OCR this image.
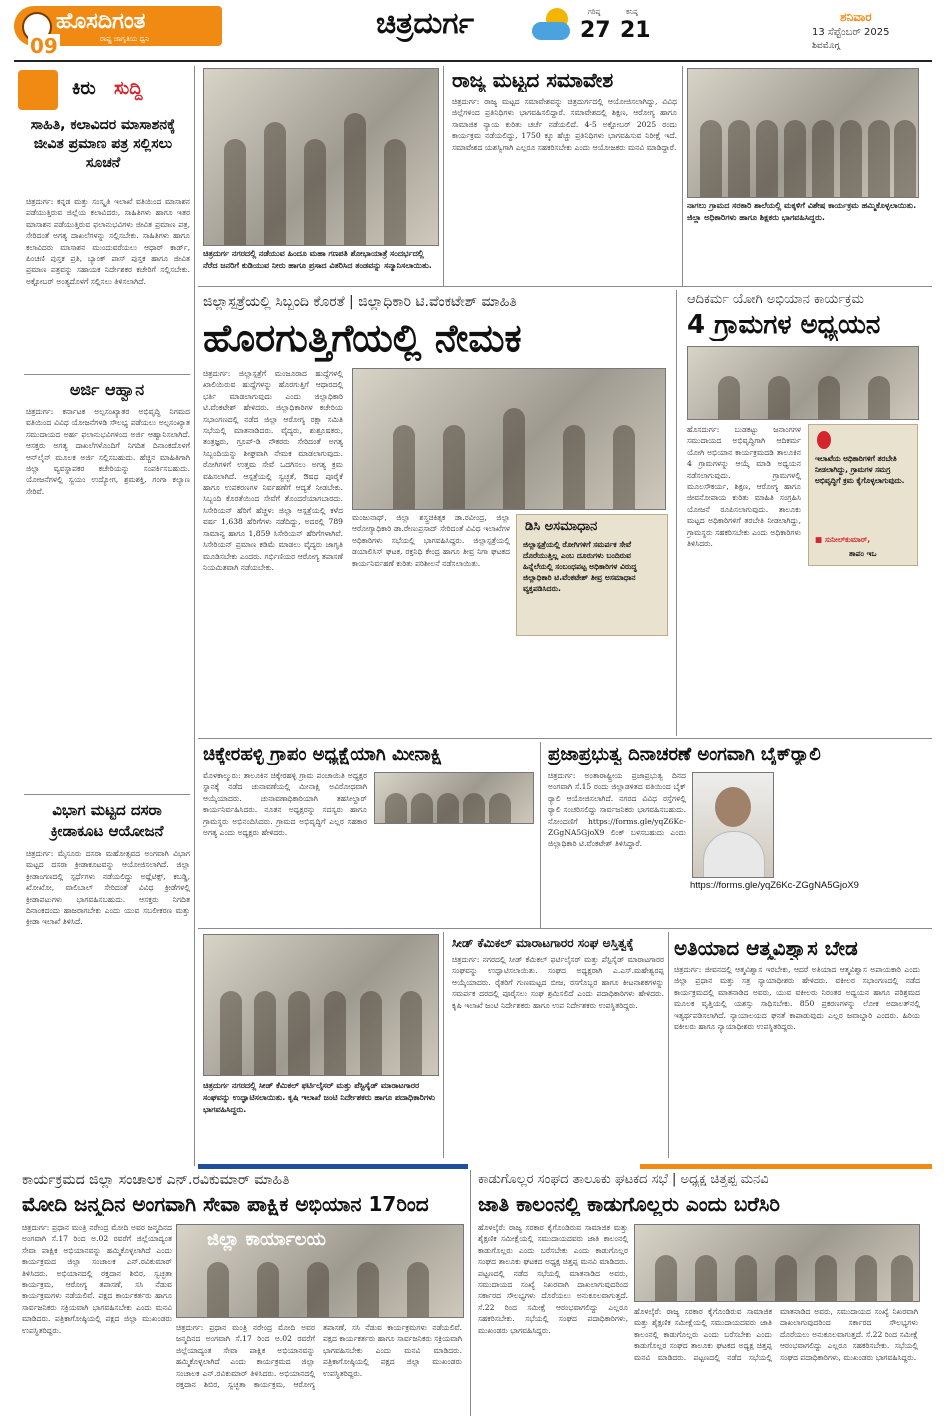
ಹೊಸದಿಗಂತ
ರಾಷ್ಟ್ರ ಜಾಗೃತಿಯ ಧ್ವನಿ
09
ಚಿತ್ರದುರ್ಗ	ಗರಿಷ್ಠ
27
ಕನಿಷ್ಠ
21
ಶನಿವಾರ
13 ಸೆಪ್ಟೆಂಬರ್ 2025
ಶಿವಮೊಗ್ಗ
ಕಿರು ಸುದ್ದಿ
ಸಾಹಿತಿ, ಕಲಾವಿದರ ಮಾಸಾಶನಕ್ಕೆ ಜೀವಿತ ಪ್ರಮಾಣ ಪತ್ರ ಸಲ್ಲಿಸಲು ಸೂಚನೆ
ಚಿತ್ರದುರ್ಗ: ಕನ್ನಡ ಮತ್ತು ಸಂಸ್ಕೃತಿ ಇಲಾಖೆ ವತಿಯಿಂದ ಮಾಸಾಶನ ಪಡೆಯುತ್ತಿರುವ ಜಿಲ್ಲೆಯ ಕಲಾವಿದರು, ಸಾಹಿತಿಗಳು ಹಾಗೂ ಇತರ ಮಾಸಾಶನ ಪಡೆಯುತ್ತಿರುವ ಫಲಾನುಭವಿಗಳು ಜೀವಿತ ಪ್ರಮಾಣ ಪತ್ರ, ಸೇರಿದಂತೆ ಅಗತ್ಯ ದಾಖಲೆಗಳನ್ನು ಸಲ್ಲಿಸಬೇಕು. ಸಾಹಿತಿಗಳು ಹಾಗೂ ಕಲಾವಿದರು ಮಾಸಾಶನ ಮುಂದುವರೆಯಲು ಆಧಾರ್ ಕಾರ್ಡ್, ಪಿಂಚಣಿ ಪುಸ್ತಕ ಪ್ರತಿ, ಬ್ಯಾಂಕ್ ಪಾಸ್ ಪುಸ್ತಕ ಹಾಗೂ ಜೀವಿತ ಪ್ರಮಾಣ ಪತ್ರವನ್ನು ಸಹಾಯಕ ನಿರ್ದೇಶಕರ ಕಚೇರಿಗೆ ಸಲ್ಲಿಸಬೇಕು. ಅಕ್ಟೋಬರ್ ಅಂತ್ಯದೊಳಗೆ ಸಲ್ಲಿಸಲು ತಿಳಿಸಲಾಗಿದೆ.
ಅರ್ಜಿ ಆಹ್ವಾನ
ಚಿತ್ರದುರ್ಗ: ಕರ್ನಾಟಕ ಅಲ್ಪಸಂಖ್ಯಾತರ ಅಭಿವೃದ್ಧಿ ನಿಗಮದ ವತಿಯಿಂದ ವಿವಿಧ ಯೋಜನೆಗಳಡಿ ಸೌಲಭ್ಯ ಪಡೆಯಲು ಅಲ್ಪಸಂಖ್ಯಾತ ಸಮುದಾಯದ ಅರ್ಹ ಫಲಾನುಭವಿಗಳಿಂದ ಅರ್ಜಿ ಆಹ್ವಾನಿಸಲಾಗಿದೆ. ಆಸಕ್ತರು ಅಗತ್ಯ ದಾಖಲೆಗಳೊಂದಿಗೆ ನಿಗದಿತ ದಿನಾಂಕದೊಳಗೆ ಆನ್‌ಲೈನ್ ಮೂಲಕ ಅರ್ಜಿ ಸಲ್ಲಿಸಬಹುದು. ಹೆಚ್ಚಿನ ಮಾಹಿತಿಗಾಗಿ ಜಿಲ್ಲಾ ವ್ಯವಸ್ಥಾಪಕರ ಕಚೇರಿಯನ್ನು ಸಂಪರ್ಕಿಸಬಹುದು. ಯೋಜನೆಗಳಲ್ಲಿ ಸ್ವಯಂ ಉದ್ಯೋಗ, ಶ್ರಮಶಕ್ತಿ, ಗಂಗಾ ಕಲ್ಯಾಣ ಸೇರಿವೆ.
ವಿಭಾಗ ಮಟ್ಟದ ದಸರಾ ಕ್ರೀಡಾಕೂಟ ಆಯೋಜನೆ
ಚಿತ್ರದುರ್ಗ: ಮೈಸೂರು ದಸರಾ ಮಹೋತ್ಸವದ ಅಂಗವಾಗಿ ವಿಭಾಗ ಮಟ್ಟದ ದಸರಾ ಕ್ರೀಡಾಕೂಟವನ್ನು ಆಯೋಜಿಸಲಾಗಿದೆ. ಜಿಲ್ಲಾ ಕ್ರೀಡಾಂಗಣದಲ್ಲಿ ಸ್ಪರ್ಧೆಗಳು ನಡೆಯಲಿದ್ದು ಅಥ್ಲೆಟಿಕ್ಸ್, ಕಬಡ್ಡಿ, ಖೋಖೋ, ವಾಲಿಬಾಲ್ ಸೇರಿದಂತೆ ವಿವಿಧ ಕ್ರೀಡೆಗಳಲ್ಲಿ ಕ್ರೀಡಾಪಟುಗಳು ಭಾಗವಹಿಸಬಹುದು. ಆಸಕ್ತರು ನಿಗದಿತ ದಿನಾಂಕದಂದು ಹಾಜರಾಗಬೇಕು ಎಂದು ಯುವ ಸಬಲೀಕರಣ ಮತ್ತು ಕ್ರೀಡಾ ಇಲಾಖೆ ತಿಳಿಸಿದೆ.
ಚಿತ್ರದುರ್ಗ ನಗರದಲ್ಲಿ ನಡೆಯುವ ಹಿಂದೂ ಮಹಾ ಗಣಪತಿ ಶೋಭಾಯಾತ್ರೆ ಸಂದರ್ಭದಲ್ಲಿ ನೆರೆದ ಜನರಿಗೆ ಕುಡಿಯುವ ನೀರು ಹಾಗೂ ಪ್ರಸಾದ ವಿತರಿಸಿದ ತಂಡವನ್ನು ಸನ್ಮಾನಿಸಲಾಯಿತು.
ರಾಜ್ಯ ಮಟ್ಟದ ಸಮಾವೇಶ
ಚಿತ್ರದುರ್ಗ: ರಾಜ್ಯ ಮಟ್ಟದ ಸಮಾವೇಶವನ್ನು ಚಿತ್ರದುರ್ಗದಲ್ಲಿ ಆಯೋಜಿಸಲಾಗಿದ್ದು, ವಿವಿಧ ಜಿಲ್ಲೆಗಳಿಂದ ಪ್ರತಿನಿಧಿಗಳು ಭಾಗವಹಿಸಲಿದ್ದಾರೆ. ಸಮಾವೇಶದಲ್ಲಿ ಶಿಕ್ಷಣ, ಆರೋಗ್ಯ ಹಾಗೂ ಸಾಮಾಜಿಕ ನ್ಯಾಯ ಕುರಿತು ಚರ್ಚೆ ನಡೆಯಲಿದೆ. 4-5 ಅಕ್ಟೋಬರ್ 2025 ರಂದು ಕಾರ್ಯಕ್ರಮ ನಡೆಯಲಿದ್ದು, 1750 ಕ್ಕೂ ಹೆಚ್ಚು ಪ್ರತಿನಿಧಿಗಳು ಭಾಗವಹಿಸುವ ನಿರೀಕ್ಷೆ ಇದೆ. ಸಮಾವೇಶದ ಯಶಸ್ವಿಗಾಗಿ ಎಲ್ಲರೂ ಸಹಕರಿಸಬೇಕು ಎಂದು ಆಯೋಜಕರು ಮನವಿ ಮಾಡಿದ್ದಾರೆ.
ನಾಗಲು ಗ್ರಾಮದ ಸರಕಾರಿ ಶಾಲೆಯಲ್ಲಿ ಮಕ್ಕಳಿಗೆ ವಿಶೇಷ ಕಾರ್ಯಕ್ರಮ ಹಮ್ಮಿಕೊಳ್ಳಲಾಯಿತು. ಜಿಲ್ಲಾ ಅಧಿಕಾರಿಗಳು ಹಾಗೂ ಶಿಕ್ಷಕರು ಭಾಗವಹಿಸಿದ್ದರು.
ಜಿಲ್ಲಾಸ್ಪತ್ರೆಯಲ್ಲಿ ಸಿಬ್ಬಂದಿ ಕೊರತೆ | ಜಿಲ್ಲಾಧಿಕಾರಿ ಟಿ.ವೆಂಕಟೇಶ್ ಮಾಹಿತಿ
ಹೊರಗುತ್ತಿಗೆಯಲ್ಲಿ ನೇಮಕ
ಚಿತ್ರದುರ್ಗ: ಜಿಲ್ಲಾಸ್ಪತ್ರೆಗೆ ಮಂಜೂರಾದ ಹುದ್ದೆಗಳಲ್ಲಿ ಖಾಲಿಯಿರುವ ಹುದ್ದೆಗಳನ್ನು ಹೊರಗುತ್ತಿಗೆ ಆಧಾರದಲ್ಲಿ ಭರ್ತಿ ಮಾಡಲಾಗುವುದು ಎಂದು ಜಿಲ್ಲಾಧಿಕಾರಿ ಟಿ.ವೆಂಕಟೇಶ್ ಹೇಳಿದರು. ಜಿಲ್ಲಾಧಿಕಾರಿಗಳ ಕಚೇರಿಯ ಸಭಾಂಗಣದಲ್ಲಿ ನಡೆದ ಜಿಲ್ಲಾ ಆರೋಗ್ಯ ರಕ್ಷಾ ಸಮಿತಿ ಸಭೆಯಲ್ಲಿ ಮಾತನಾಡಿದರು. ವೈದ್ಯರು, ಶುಶ್ರೂಷಕರು, ತಂತ್ರಜ್ಞರು, ಗ್ರೂಪ್-ಡಿ ನೌಕರರು ಸೇರಿದಂತೆ ಅಗತ್ಯ ಸಿಬ್ಬಂದಿಯನ್ನು ಶೀಘ್ರವಾಗಿ ನೇಮಕ ಮಾಡಲಾಗುವುದು. ರೋಗಿಗಳಿಗೆ ಉತ್ತಮ ಸೇವೆ ಒದಗಿಸಲು ಅಗತ್ಯ ಕ್ರಮ ವಹಿಸಲಾಗಿದೆ. ಆಸ್ಪತ್ರೆಯಲ್ಲಿ ಸ್ವಚ್ಛತೆ, ಔಷಧ ಪೂರೈಕೆ ಹಾಗೂ ಉಪಕರಣಗಳ ನಿರ್ವಹಣೆಗೆ ಆದ್ಯತೆ ನೀಡಬೇಕು. ಸಿಬ್ಬಂದಿ ಕೊರತೆಯಿಂದ ಸೇವೆಗೆ ತೊಂದರೆಯಾಗಬಾರದು. ಸಿಸೇರಿಯನ್ ಹೆರಿಗೆ ಹೆಚ್ಚಳ: ಜಿಲ್ಲಾ ಆಸ್ಪತ್ರೆಯಲ್ಲಿ ಕಳೆದ ವರ್ಷ 1,638 ಹೆರಿಗೆಗಳು ನಡೆದಿದ್ದು, ಅದರಲ್ಲಿ 789 ಸಾಮಾನ್ಯ ಹಾಗೂ 1,859 ಸಿಸೇರಿಯನ್ ಹೆರಿಗೆಗಳಾಗಿವೆ. ಸಿಸೇರಿಯನ್ ಪ್ರಮಾಣ ಕಡಿಮೆ ಮಾಡಲು ವೈದ್ಯರು ಜಾಗೃತಿ ಮೂಡಿಸಬೇಕು ಎಂದರು. ಗರ್ಭಿಣಿಯರ ಆರೋಗ್ಯ ತಪಾಸಣೆ ನಿಯಮಿತವಾಗಿ ನಡೆಯಬೇಕು.
ಮಂಜುನಾಥ್, ಜಿಲ್ಲಾ ಶಸ್ತ್ರಚಿಕಿತ್ಸಕ ಡಾ.ರವೀಂದ್ರ, ಜಿಲ್ಲಾ ಆರೋಗ್ಯಾಧಿಕಾರಿ ಡಾ.ರೇಣುಪ್ರಸಾದ್ ಸೇರಿದಂತೆ ವಿವಿಧ ಇಲಾಖೆಗಳ ಅಧಿಕಾರಿಗಳು ಸಭೆಯಲ್ಲಿ ಭಾಗವಹಿಸಿದ್ದರು. ಜಿಲ್ಲಾಸ್ಪತ್ರೆಯಲ್ಲಿ ಡಯಾಲಿಸಿಸ್ ಘಟಕ, ರಕ್ತನಿಧಿ ಕೇಂದ್ರ ಹಾಗೂ ತೀವ್ರ ನಿಗಾ ಘಟಕದ ಕಾರ್ಯನಿರ್ವಹಣೆ ಕುರಿತು ಪರಿಶೀಲನೆ ನಡೆಸಲಾಯಿತು.
ಡಿಸಿ ಅಸಮಾಧಾನ
ಜಿಲ್ಲಾಸ್ಪತ್ರೆಯಲ್ಲಿ ರೋಗಿಗಳಿಗೆ ಸಮರ್ಪಕ ಸೇವೆ ದೊರೆಯುತ್ತಿಲ್ಲ ಎಂಬ ದೂರುಗಳು ಬಂದಿರುವ ಹಿನ್ನೆಲೆಯಲ್ಲಿ ಸಂಬಂಧಪಟ್ಟ ಅಧಿಕಾರಿಗಳ ವಿರುದ್ಧ ಜಿಲ್ಲಾಧಿಕಾರಿ ಟಿ.ವೆಂಕಟೇಶ್ ತೀವ್ರ ಅಸಮಾಧಾನ ವ್ಯಕ್ತಪಡಿಸಿದರು.
ಆದಿಕರ್ಮ ಯೋಗಿ ಅಭಿಯಾನ ಕಾರ್ಯಕ್ರಮ
4 ಗ್ರಾಮಗಳ ಅಧ್ಯಯನ
ಹೊಸದುರ್ಗ: ಬುಡಕಟ್ಟು ಜನಾಂಗಗಳ ಸಮುದಾಯದ ಅಭಿವೃದ್ಧಿಗಾಗಿ ಆದಿಕರ್ಮ ಯೋಗಿ ಅಭಿಯಾನ ಕಾರ್ಯಕ್ರಮದಡಿ ತಾಲೂಕಿನ 4 ಗ್ರಾಮಗಳನ್ನು ಆಯ್ಕೆ ಮಾಡಿ ಅಧ್ಯಯನ ನಡೆಸಲಾಗುವುದು. ಗ್ರಾಮಗಳಲ್ಲಿ ಮೂಲಸೌಕರ್ಯ, ಶಿಕ್ಷಣ, ಆರೋಗ್ಯ ಹಾಗೂ ಜೀವನೋಪಾಯ ಕುರಿತು ಮಾಹಿತಿ ಸಂಗ್ರಹಿಸಿ ಯೋಜನೆ ರೂಪಿಸಲಾಗುವುದು. ತಾಲೂಕು ಮಟ್ಟದ ಅಧಿಕಾರಿಗಳಿಗೆ ತರಬೇತಿ ನೀಡಲಾಗಿದ್ದು, ಗ್ರಾಮಸ್ಥರು ಸಹಕರಿಸಬೇಕು ಎಂದು ಅಧಿಕಾರಿಗಳು ತಿಳಿಸಿದರು.
ಇಲಾಖೆಯ ಅಧಿಕಾರಿಗಳಿಗೆ ತರಬೇತಿ ನೀಡಲಾಗಿದ್ದು, ಗ್ರಾಮಗಳ ಸಮಗ್ರ ಅಭಿವೃದ್ಧಿಗೆ ಕ್ರಮ ಕೈಗೊಳ್ಳಲಾಗುವುದು.
■ ಸುನೀಲ್‌ಕುಮಾರ್,
ತಾಪಂ ಇಒ
ಚಿಕ್ಕೇರಹಳ್ಳಿ ಗ್ರಾಪಂ ಅಧ್ಯಕ್ಷೆಯಾಗಿ ಮೀನಾಕ್ಷಿ
ಮೊಳಕಾಲ್ಮುರು: ತಾಲೂಕಿನ ಚಿಕ್ಕೇರಹಳ್ಳಿ ಗ್ರಾಮ ಪಂಚಾಯಿತಿ ಅಧ್ಯಕ್ಷರ ಸ್ಥಾನಕ್ಕೆ ನಡೆದ ಚುನಾವಣೆಯಲ್ಲಿ ಮೀನಾಕ್ಷಿ ಅವಿರೋಧವಾಗಿ ಆಯ್ಕೆಯಾದರು. ಚುನಾವಣಾಧಿಕಾರಿಯಾಗಿ ತಹಸೀಲ್ದಾರ್ ಕಾರ್ಯನಿರ್ವಹಿಸಿದರು. ನೂತನ ಅಧ್ಯಕ್ಷರನ್ನು ಸದಸ್ಯರು ಹಾಗೂ ಗ್ರಾಮಸ್ಥರು ಅಭಿನಂದಿಸಿದರು. ಗ್ರಾಮದ ಅಭಿವೃದ್ಧಿಗೆ ಎಲ್ಲರ ಸಹಕಾರ ಅಗತ್ಯ ಎಂದು ಅಧ್ಯಕ್ಷರು ಹೇಳಿದರು.
ಪ್ರಜಾಪ್ರಭುತ್ವ ದಿನಾಚರಣೆ ಅಂಗವಾಗಿ ಬೈಕ್‌ರ್‍ಯಾಲಿ
ಚಿತ್ರದುರ್ಗ: ಅಂತಾರಾಷ್ಟ್ರೀಯ ಪ್ರಜಾಪ್ರಭುತ್ವ ದಿನದ ಅಂಗವಾಗಿ ಸೆ.15 ರಂದು ಜಿಲ್ಲಾಡಳಿತದ ವತಿಯಿಂದ ಬೈಕ್ ರ್‍ಯಾಲಿ ಆಯೋಜಿಸಲಾಗಿದೆ. ನಗರದ ವಿವಿಧ ರಸ್ತೆಗಳಲ್ಲಿ ರ್‍ಯಾಲಿ ಸಂಚರಿಸಲಿದ್ದು ಸಾರ್ವಜನಿಕರು ಭಾಗವಹಿಸಬಹುದು. ನೋಂದಣಿಗೆ https://forms.gle/yqZ6Kc-ZGgNA5GjoX9 ಲಿಂಕ್ ಬಳಸಬಹುದು ಎಂದು ಜಿಲ್ಲಾಧಿಕಾರಿ ಟಿ.ವೆಂಕಟೇಶ್ ತಿಳಿಸಿದ್ದಾರೆ.
https://forms.gle/yqZ6Kc-ZGgNA5GjoX9
ಚಿತ್ರದುರ್ಗ ನಗರದಲ್ಲಿ ಸೀಡ್ ಕೆಮಿಕಲ್ ಫರ್ಟಿಲೈಸರ್ ಮತ್ತು ಪೆಸ್ಟಿಸೈಡ್ ಮಾರಾಟಗಾರರ ಸಂಘವನ್ನು ಉದ್ಘಾಟಿಸಲಾಯಿತು. ಕೃಷಿ ಇಲಾಖೆ ಜಂಟಿ ನಿರ್ದೇಶಕರು ಹಾಗೂ ಪದಾಧಿಕಾರಿಗಳು ಭಾಗವಹಿಸಿದ್ದರು.
ಸೀಡ್ ಕೆಮಿಕಲ್ ಮಾರಾಟಗಾರರ ಸಂಘ ಅಸ್ತಿತ್ವಕ್ಕೆ
ಚಿತ್ರದುರ್ಗ: ನಗರದಲ್ಲಿ ಸೀಡ್ ಕೆಮಿಕಲ್ ಫರ್ಟಿಲೈಸರ್ ಮತ್ತು ಪೆಸ್ಟಿಸೈಡ್ ಮಾರಾಟಗಾರರ ಸಂಘವನ್ನು ಉದ್ಘಾಟಿಸಲಾಯಿತು. ಸಂಘದ ಅಧ್ಯಕ್ಷರಾಗಿ ಎ.ಎಸ್.ಮಹೇಶ್ವರಪ್ಪ ಆಯ್ಕೆಯಾದರು. ರೈತರಿಗೆ ಗುಣಮಟ್ಟದ ಬೀಜ, ರಸಗೊಬ್ಬರ ಹಾಗೂ ಕೀಟನಾಶಕಗಳನ್ನು ಸಮರ್ಪಕ ದರದಲ್ಲಿ ಪೂರೈಸಲು ಸಂಘ ಶ್ರಮಿಸಲಿದೆ ಎಂದು ಪದಾಧಿಕಾರಿಗಳು ಹೇಳಿದರು. ಕೃಷಿ ಇಲಾಖೆ ಜಂಟಿ ನಿರ್ದೇಶಕರು ಹಾಗೂ ಉಪ ನಿರ್ದೇಶಕರು ಉಪಸ್ಥಿತರಿದ್ದರು.
ಅತಿಯಾದ ಆತ್ಮವಿಶ್ವಾಸ ಬೇಡ
ಚಿತ್ರದುರ್ಗ: ಜೀವನದಲ್ಲಿ ಆತ್ಮವಿಶ್ವಾಸ ಇರಬೇಕು, ಆದರೆ ಅತಿಯಾದ ಆತ್ಮವಿಶ್ವಾಸ ಅಪಾಯಕಾರಿ ಎಂದು ಜಿಲ್ಲಾ ಪ್ರಧಾನ ಮತ್ತು ಸತ್ರ ನ್ಯಾಯಾಧೀಶರು ಹೇಳಿದರು. ವಕೀಲರ ಸಭಾಂಗಣದಲ್ಲಿ ನಡೆದ ಕಾರ್ಯಕ್ರಮದಲ್ಲಿ ಮಾತನಾಡಿದ ಅವರು, ಯುವ ವಕೀಲರು ನಿರಂತರ ಅಧ್ಯಯನ ಹಾಗೂ ಪರಿಶ್ರಮದ ಮೂಲಕ ವೃತ್ತಿಯಲ್ಲಿ ಯಶಸ್ಸು ಸಾಧಿಸಬೇಕು. 850 ಪ್ರಕರಣಗಳನ್ನು ಲೋಕ ಅದಾಲತ್‌ನಲ್ಲಿ ಇತ್ಯರ್ಥಪಡಿಸಲಾಗಿದೆ. ನ್ಯಾಯಾಲಯದ ಘನತೆ ಕಾಪಾಡುವುದು ಎಲ್ಲರ ಜವಾಬ್ದಾರಿ ಎಂದರು. ಹಿರಿಯ ವಕೀಲರು ಹಾಗೂ ನ್ಯಾಯಾಧೀಶರು ಉಪಸ್ಥಿತರಿದ್ದರು.
ಕಾರ್ಯಕ್ರಮದ ಜಿಲ್ಲಾ ಸಂಚಾಲಕ ಎನ್.ರವಿಕುಮಾರ್ ಮಾಹಿತಿ
ಮೋದಿ ಜನ್ಮದಿನ ಅಂಗವಾಗಿ ಸೇವಾ ಪಾಕ್ಷಿಕ ಅಭಿಯಾನ 17ರಿಂದ
ಚಿತ್ರದುರ್ಗ: ಪ್ರಧಾನ ಮಂತ್ರಿ ನರೇಂದ್ರ ಮೋದಿ ಅವರ ಜನ್ಮದಿನದ ಅಂಗವಾಗಿ ಸೆ.17 ರಿಂದ ಅ.02 ರವರೆಗೆ ಜಿಲ್ಲೆಯಾದ್ಯಂತ ಸೇವಾ ಪಾಕ್ಷಿಕ ಅಭಿಯಾನವನ್ನು ಹಮ್ಮಿಕೊಳ್ಳಲಾಗಿದೆ ಎಂದು ಕಾರ್ಯಕ್ರಮದ ಜಿಲ್ಲಾ ಸಂಚಾಲಕ ಎನ್.ರವಿಕುಮಾರ್ ತಿಳಿಸಿದರು. ಅಭಿಯಾನದಲ್ಲಿ ರಕ್ತದಾನ ಶಿಬಿರ, ಸ್ವಚ್ಛತಾ ಕಾರ್ಯಕ್ರಮ, ಆರೋಗ್ಯ ತಪಾಸಣೆ, ಸಸಿ ನೆಡುವ ಕಾರ್ಯಕ್ರಮಗಳು ನಡೆಯಲಿವೆ. ಪಕ್ಷದ ಕಾರ್ಯಕರ್ತರು ಹಾಗೂ ಸಾರ್ವಜನಿಕರು ಸಕ್ರಿಯವಾಗಿ ಭಾಗವಹಿಸಬೇಕು ಎಂದು ಮನವಿ ಮಾಡಿದರು. ಪತ್ರಿಕಾಗೋಷ್ಠಿಯಲ್ಲಿ ಪಕ್ಷದ ಜಿಲ್ಲಾ ಮುಖಂಡರು ಉಪಸ್ಥಿತರಿದ್ದರು.
ಜಿಲ್ಲಾ ಕಾರ್ಯಾಲಯ
ಚಿತ್ರದುರ್ಗ: ಪ್ರಧಾನ ಮಂತ್ರಿ ನರೇಂದ್ರ ಮೋದಿ ಅವರ ಜನ್ಮದಿನದ ಅಂಗವಾಗಿ ಸೆ.17 ರಿಂದ ಅ.02 ರವರೆಗೆ ಜಿಲ್ಲೆಯಾದ್ಯಂತ ಸೇವಾ ಪಾಕ್ಷಿಕ ಅಭಿಯಾನವನ್ನು ಹಮ್ಮಿಕೊಳ್ಳಲಾಗಿದೆ ಎಂದು ಕಾರ್ಯಕ್ರಮದ ಜಿಲ್ಲಾ ಸಂಚಾಲಕ ಎನ್.ರವಿಕುಮಾರ್ ತಿಳಿಸಿದರು. ಅಭಿಯಾನದಲ್ಲಿ ರಕ್ತದಾನ ಶಿಬಿರ, ಸ್ವಚ್ಛತಾ ಕಾರ್ಯಕ್ರಮ, ಆರೋಗ್ಯ ತಪಾಸಣೆ, ಸಸಿ ನೆಡುವ ಕಾರ್ಯಕ್ರಮಗಳು ನಡೆಯಲಿವೆ. ಪಕ್ಷದ ಕಾರ್ಯಕರ್ತರು ಹಾಗೂ ಸಾರ್ವಜನಿಕರು ಸಕ್ರಿಯವಾಗಿ ಭಾಗವಹಿಸಬೇಕು ಎಂದು ಮನವಿ ಮಾಡಿದರು. ಪತ್ರಿಕಾಗೋಷ್ಠಿಯಲ್ಲಿ ಪಕ್ಷದ ಜಿಲ್ಲಾ ಮುಖಂಡರು ಉಪಸ್ಥಿತರಿದ್ದರು.
ಕಾಡುಗೊಲ್ಲರ ಸಂಘದ ತಾಲೂಕು ಘಟಕದ ಸಭೆ | ಅಧ್ಯಕ್ಷ ಚಿತ್ತಪ್ಪ ಮನವಿ
ಜಾತಿ ಕಾಲಂನಲ್ಲಿ ಕಾಡುಗೊಲ್ಲರು ಎಂದು ಬರೆಸಿರಿ
ಹೊಳಲ್ಕೆರೆ: ರಾಜ್ಯ ಸರಕಾರ ಕೈಗೊಂಡಿರುವ ಸಾಮಾಜಿಕ ಮತ್ತು ಶೈಕ್ಷಣಿಕ ಸಮೀಕ್ಷೆಯಲ್ಲಿ ಸಮುದಾಯದವರು ಜಾತಿ ಕಾಲಂನಲ್ಲಿ ಕಾಡುಗೊಲ್ಲರು ಎಂದು ಬರೆಸಬೇಕು ಎಂದು ಕಾಡುಗೊಲ್ಲರ ಸಂಘದ ತಾಲೂಕು ಘಟಕದ ಅಧ್ಯಕ್ಷ ಚಿತ್ತಪ್ಪ ಮನವಿ ಮಾಡಿದರು. ಪಟ್ಟಣದಲ್ಲಿ ನಡೆದ ಸಭೆಯಲ್ಲಿ ಮಾತನಾಡಿದ ಅವರು, ಸಮುದಾಯದ ಸಂಖ್ಯೆ ನಿಖರವಾಗಿ ದಾಖಲಾಗುವುದರಿಂದ ಸರ್ಕಾರದ ಸೌಲಭ್ಯಗಳು ದೊರೆಯಲು ಅನುಕೂಲವಾಗುತ್ತದೆ. ಸೆ.22 ರಿಂದ ಸಮೀಕ್ಷೆ ಆರಂಭವಾಗಲಿದ್ದು ಎಲ್ಲರೂ ಸಹಕರಿಸಬೇಕು. ಸಭೆಯಲ್ಲಿ ಸಂಘದ ಪದಾಧಿಕಾರಿಗಳು, ಮುಖಂಡರು ಭಾಗವಹಿಸಿದ್ದರು.
ಹೊಳಲ್ಕೆರೆ: ರಾಜ್ಯ ಸರಕಾರ ಕೈಗೊಂಡಿರುವ ಸಾಮಾಜಿಕ ಮತ್ತು ಶೈಕ್ಷಣಿಕ ಸಮೀಕ್ಷೆಯಲ್ಲಿ ಸಮುದಾಯದವರು ಜಾತಿ ಕಾಲಂನಲ್ಲಿ ಕಾಡುಗೊಲ್ಲರು ಎಂದು ಬರೆಸಬೇಕು ಎಂದು ಕಾಡುಗೊಲ್ಲರ ಸಂಘದ ತಾಲೂಕು ಘಟಕದ ಅಧ್ಯಕ್ಷ ಚಿತ್ತಪ್ಪ ಮನವಿ ಮಾಡಿದರು. ಪಟ್ಟಣದಲ್ಲಿ ನಡೆದ ಸಭೆಯಲ್ಲಿ ಮಾತನಾಡಿದ ಅವರು, ಸಮುದಾಯದ ಸಂಖ್ಯೆ ನಿಖರವಾಗಿ ದಾಖಲಾಗುವುದರಿಂದ ಸರ್ಕಾರದ ಸೌಲಭ್ಯಗಳು ದೊರೆಯಲು ಅನುಕೂಲವಾಗುತ್ತದೆ. ಸೆ.22 ರಿಂದ ಸಮೀಕ್ಷೆ ಆರಂಭವಾಗಲಿದ್ದು ಎಲ್ಲರೂ ಸಹಕರಿಸಬೇಕು. ಸಭೆಯಲ್ಲಿ ಸಂಘದ ಪದಾಧಿಕಾರಿಗಳು, ಮುಖಂಡರು ಭಾಗವಹಿಸಿದ್ದರು.
